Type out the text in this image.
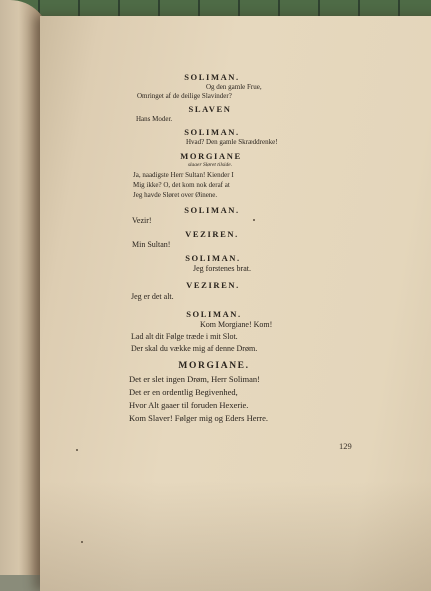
SOLIMAN.
Og den gamle Frue,
Omringet af de deilige Slavinder?
SLAVEN
Hans Moder.
SOLIMAN.
Hvad? Den gamle Skræddrenke!
MORGIANE
slaaer Sløret tilside.
Ja, naadigste Herr Sultan! Kiender I
Mig ikke? O, det kom nok deraf at
Jeg havde Sløret over Øinene.
SOLIMAN.
Vezir!
VEZIREN.
Min Sultan!
SOLIMAN.
Jeg forstenes brat.
VEZIREN.
Jeg er det alt.
SOLIMAN.
Kom Morgiane! Kom!
Lad alt dit Følge træde i mit Slot.
Der skal du vække mig af denne Drøm.
MORGIANE.
Det er slet ingen Drøm, Herr Soliman!
Det er en ordentlig Begivenhed,
Hvor Alt gaaer til foruden Hexerie.
Kom Slaver! Følger mig og Eders Herre.
129
